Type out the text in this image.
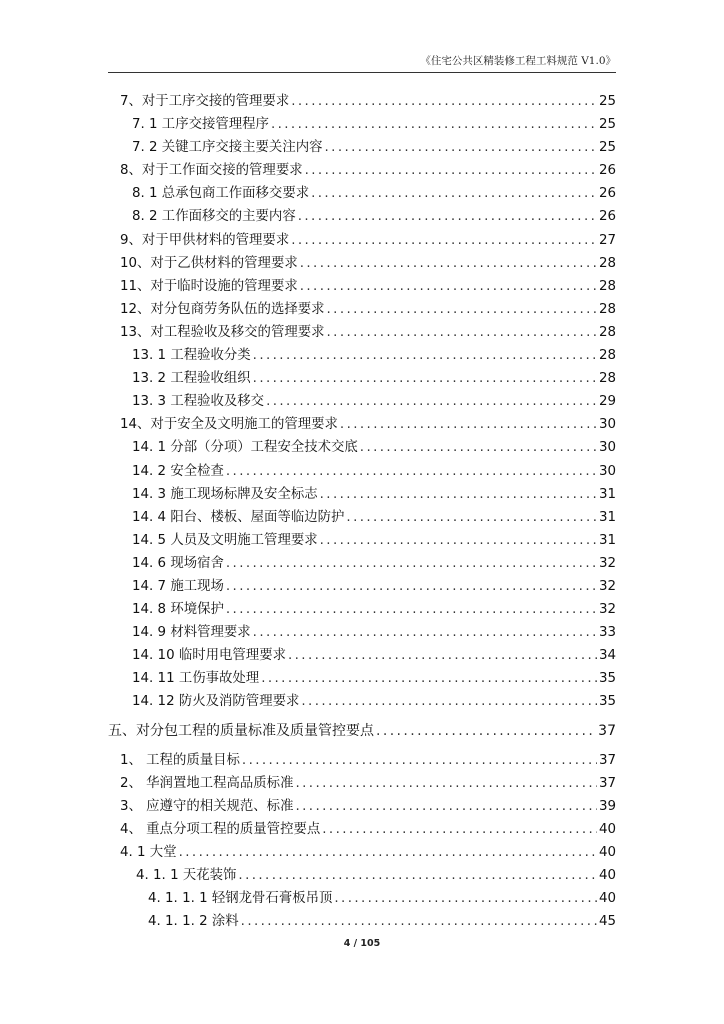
《住宅公共区精装修工程工料规范 V1.0》
7、对于工序交接的管理要求 .....	25
7. 1 工序交接管理程序 .....	25
7. 2 关键工序交接主要关注内容 .....	25
8、对于工作面交接的管理要求 .....	26
8. 1 总承包商工作面移交要求 .....	26
8. 2 工作面移交的主要内容 .....	26
9、对于甲供材料的管理要求 .....	27
10、对于乙供材料的管理要求 .....	28
11、对于临时设施的管理要求 .....	28
12、对分包商劳务队伍的选择要求 .....	28
13、对工程验收及移交的管理要求 .....	28
13. 1 工程验收分类 .....	28
13. 2 工程验收组织 .....	28
13. 3 工程验收及移交 .....	29
14、对于安全及文明施工的管理要求 .....	30
14. 1 分部（分项）工程安全技术交底 .....	30
14. 2 安全检查 .....	30
14. 3 施工现场标牌及安全标志 .....	31
14. 4 阳台、楼板、屋面等临边防护 .....	31
14. 5 人员及文明施工管理要求 .....	31
14. 6 现场宿舍 .....	32
14. 7 施工现场 .....	32
14. 8 环境保护 .....	32
14. 9 材料管理要求 .....	33
14. 10 临时用电管理要求 .....	34
14. 11 工伤事故处理 .....	35
14. 12 防火及消防管理要求 .....	35
五、对分包工程的质量标准及质量管控要点 .....	37
1、 工程的质量目标 .....	37
2、 华润置地工程高品质标准 .....	37
3、 应遵守的相关规范、标准 .....	39
4、 重点分项工程的质量管控要点 .....	40
4. 1 大堂 .....	40
4. 1. 1 天花装饰 .....	40
4. 1. 1. 1 轻钢龙骨石膏板吊顶 .....	40
4. 1. 1. 2 涂料 .....	45
4 / 105
